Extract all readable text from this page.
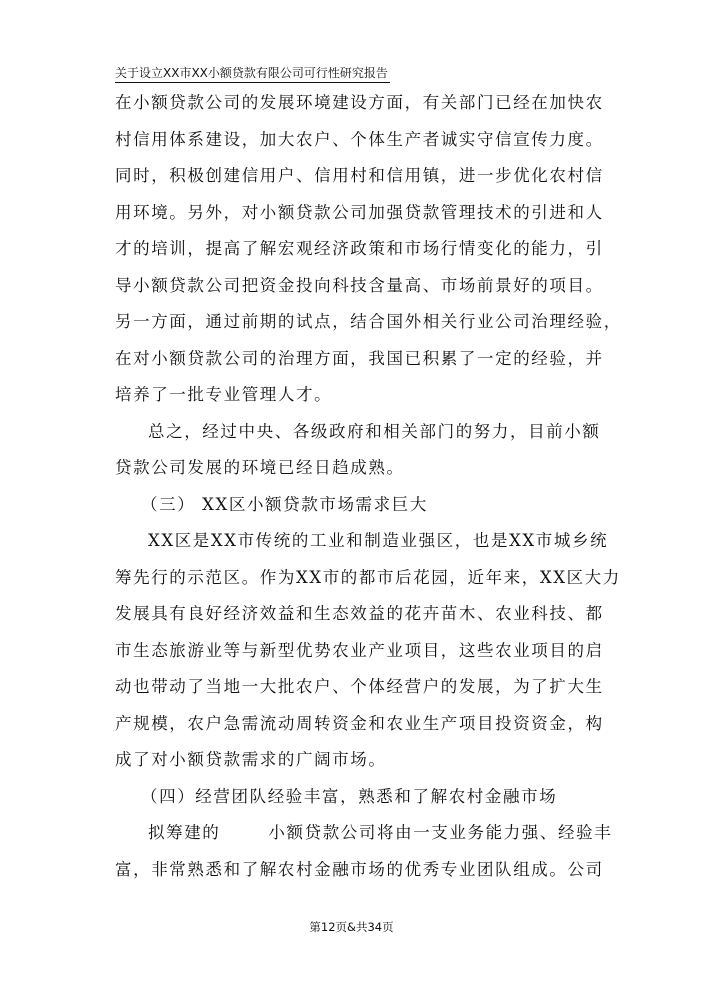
关于设立XX市XX小额贷款有限公司可行性研究报告
在小额贷款公司的发展环境建设方面，有关部门已经在加快农
村信用体系建设，加大农户、个体生产者诚实守信宣传力度。
同时，积极创建信用户、信用村和信用镇，进一步优化农村信
用环境。另外，对小额贷款公司加强贷款管理技术的引进和人
才的培训，提高了解宏观经济政策和市场行情变化的能力，引
导小额贷款公司把资金投向科技含量高、市场前景好的项目。
另一方面，通过前期的试点，结合国外相关行业公司治理经验，
在对小额贷款公司的治理方面，我国已积累了一定的经验，并
培养了一批专业管理人才。
总之，经过中央、各级政府和相关部门的努力，目前小额
贷款公司发展的环境已经日趋成熟。
（三） XX区小额贷款市场需求巨大
XX区是XX市传统的工业和制造业强区，也是XX市城乡统
筹先行的示范区。作为XX市的都市后花园，近年来，XX区大力
发展具有良好经济效益和生态效益的花卉苗木、农业科技、都
市生态旅游业等与新型优势农业产业项目，这些农业项目的启
动也带动了当地一大批农户、个体经营户的发展，为了扩大生
产规模，农户急需流动周转资金和农业生产项目投资资金，构
成了对小额贷款需求的广阔市场。
（四）经营团队经验丰富，熟悉和了解农村金融市场
拟筹建的	小额贷款公司将由一支业务能力强、经验丰
富，非常熟悉和了解农村金融市场的优秀专业团队组成。公司
第12页&共34页
